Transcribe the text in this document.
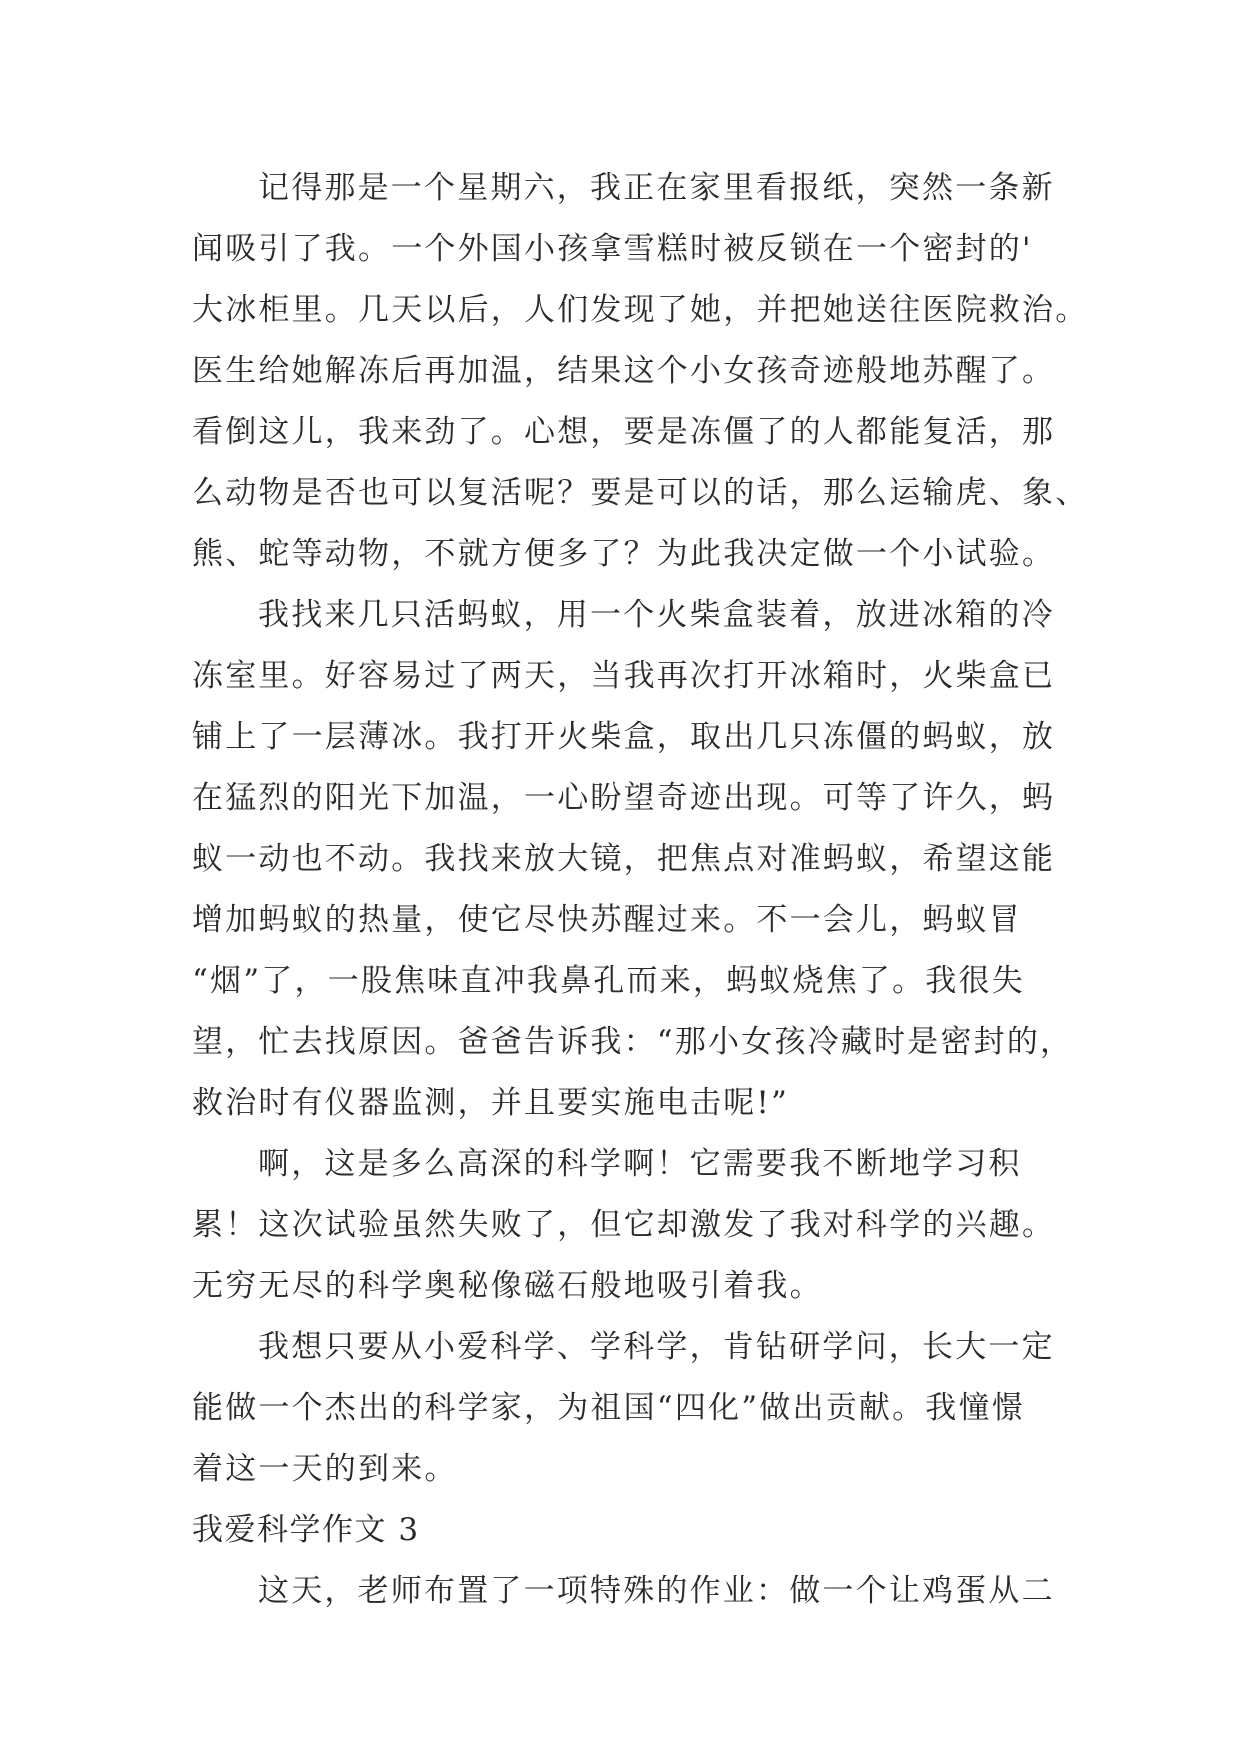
记得那是一个星期六，我正在家里看报纸，突然一条新
闻吸引了我。一个外国小孩拿雪糕时被反锁在一个密封的'
大冰柜里。几天以后，人们发现了她，并把她送往医院救治。
医生给她解冻后再加温，结果这个小女孩奇迹般地苏醒了。
看倒这儿，我来劲了。心想，要是冻僵了的人都能复活，那
么动物是否也可以复活呢？要是可以的话，那么运输虎、象、
熊、蛇等动物，不就方便多了？为此我决定做一个小试验。
我找来几只活蚂蚁，用一个火柴盒装着，放进冰箱的冷
冻室里。好容易过了两天，当我再次打开冰箱时，火柴盒已
铺上了一层薄冰。我打开火柴盒，取出几只冻僵的蚂蚁，放
在猛烈的阳光下加温，一心盼望奇迹出现。可等了许久，蚂
蚁一动也不动。我找来放大镜，把焦点对准蚂蚁，希望这能
增加蚂蚁的热量，使它尽快苏醒过来。不一会儿，蚂蚁冒
“烟”了，一股焦味直冲我鼻孔而来，蚂蚁烧焦了。我很失
望，忙去找原因。爸爸告诉我：“那小女孩冷藏时是密封的，
救治时有仪器监测，并且要实施电击呢!”
啊，这是多么高深的科学啊！它需要我不断地学习积
累！这次试验虽然失败了，但它却激发了我对科学的兴趣。
无穷无尽的科学奥秘像磁石般地吸引着我。
我想只要从小爱科学、学科学，肯钻研学问，长大一定
能做一个杰出的科学家，为祖国“四化”做出贡献。我憧憬
着这一天的到来。
我爱科学作文 3
这天，老师布置了一项特殊的作业：做一个让鸡蛋从二
